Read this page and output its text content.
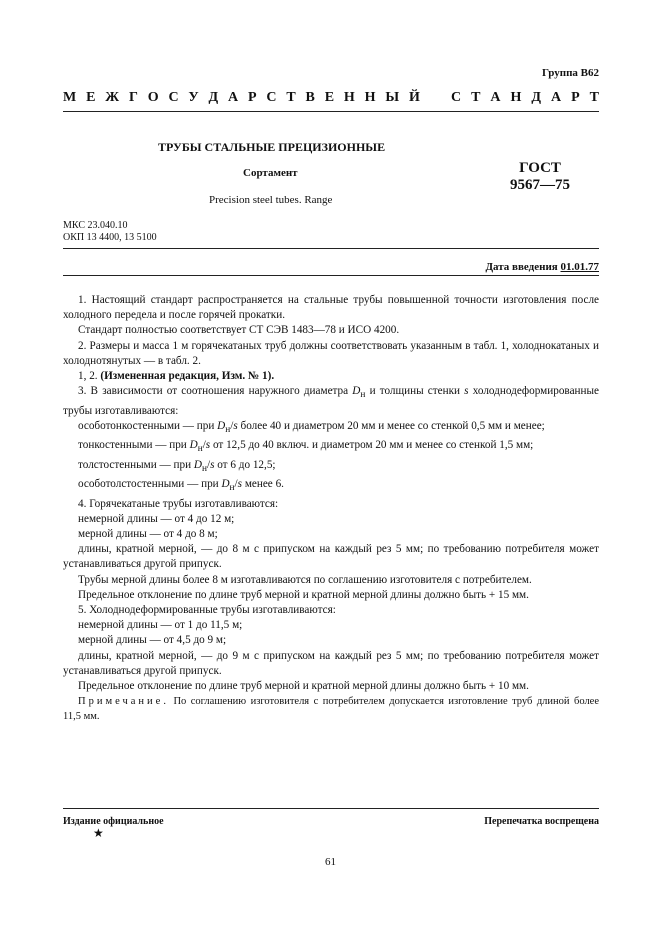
Группа В62
М Е Ж Г О С У Д А Р С Т В Е Н Н Ы Й С Т А Н Д А Р Т
ТРУБЫ СТАЛЬНЫЕ ПРЕЦИЗИОННЫЕ
Сортамент
Precision steel tubes. Range
ГОСТ
9567—75
МКС 23.040.10
ОКП 13 4400, 13 5100
Дата введения 01.01.77

1. Настоящий стандарт распространяется на стальные трубы повышенной точности изготовления после холодного передела и после горячей прокатки.

Стандарт полностью соответствует СТ СЭВ 1483—78 и ИСО 4200.

2. Размеры и масса 1 м горячекатаных труб должны соответствовать указанным в табл. 1, холоднокатаных и холоднотянутых — в табл. 2.

1, 2. (Измененная редакция, Изм. № 1).

3. В зависимости от соотношения наружного диаметра $D_н$ и толщины стенки s холоднодеформированные трубы изготавливаются:

особотонкостенными — при $D_н/s$ более 40 и диаметром 20 мм и менее со стенкой 0,5 мм и менее;

тонкостенными — при $D_н/s$ от 12,5 до 40 включ. и диаметром 20 мм и менее со стенкой 1,5 мм;

толстостенными — при $D_н/s$ от 6 до 12,5;

особотолстостенными — при $D_н/s$ менее 6.

4. Горячекатаные трубы изготавливаются:

немерной длины — от 4 до 12 м;

мерной длины — от 4 до 8 м;

длины, кратной мерной, — до 8 м с припуском на каждый рез 5 мм; по требованию потребителя может устанавливаться другой припуск.

Трубы мерной длины более 8 м изготавливаются по соглашению изготовителя с потребителем.

Предельное отклонение по длине труб мерной и кратной мерной длины должно быть + 15 мм.

5. Холоднодеформированные трубы изготавливаются:

немерной длины — от 1 до 11,5 м;

мерной длины — от 4,5 до 9 м;

длины, кратной мерной, — до 9 м с припуском на каждый рез 5 мм; по требованию потребителя может устанавливаться другой припуск.

Предельное отклонение по длине труб мерной и кратной мерной длины должно быть + 10 мм.

Примечание. По соглашению изготовителя с потребителем допускается изготовление труб длиной более 11,5 мм.

Издание официальное
★
Перепечатка воспрещена
61
